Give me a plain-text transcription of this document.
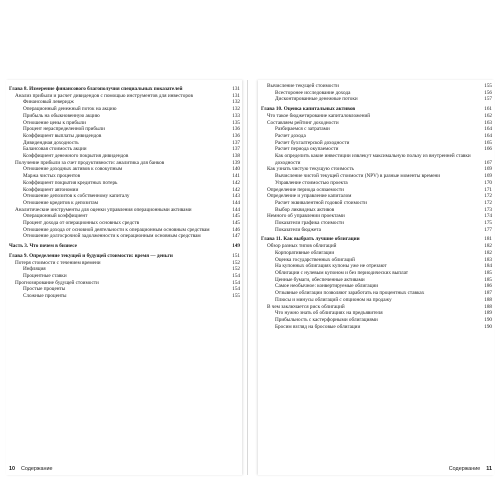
Глава 8. Измерение финансового благополучия специальных показателей	131
Анализ прибыли и расчет дивидендов с помощью инструментов для инвесторов	131
Финансовый леверидж	132
Операционный денежный поток на акцию	132
Прибыль на обыкновенную акцию	133
Отношение цены к прибыли	135
Процент нераспределенной прибыли	136
Коэффициент выплаты дивидендов	136
Дивидендная доходность	137
Балансовая стоимость акции	137
Коэффициент денежного покрытия дивидендов	138
Получение прибыли за счет продуктивности: аналитика для банков	139
Отношение доходных активов к совокупным	140
Маржа чистых процентов	141
Коэффициент покрытия кредитных потерь	142
Коэффициент автономии	142
Отношение депозитов к собственному капиталу	143
Отношение кредитов к депозитам	144
Аналитические инструменты для оценки управления операционными активами	144
Операционный коэффициент	145
Процент дохода от операционных основных средств	145
Отношение дохода от основной деятельности к операционным основным средствам	146
Отношение долгосрочной задолженности к операционным основным средствам	147
Часть 3. Что почем в бизнесе	149
Глава 9. Определение текущей и будущей стоимости: время — деньги	151
Потеря стоимости с течением времени	152
Инфляция	152
Процентные ставки	154
Прогнозирование будущей стоимости	154
Простые проценты	154
Сложные проценты	155
10 Содержание
Вычисление текущей стоимости	155
Всесторонее исследование дохода	156
Дисконтированные денежные потоки	157
Глава 10. Оценка капитальных активов	161
Что такое бюджетирование капиталовложений	162
Составляем рейтинг доходности	163
Разбираемся с затратами	164
Расчет дохода	164
Расчет бухгалтерской доходности	165
Расчет периода окупаемости	166
Как определить какие инвестиции извлекут максимальную пользу из внутренней ставки доходности	167
Как узнать чистую текущую стоимость	169
Вычисление чистой текущей стоимости (NPV) в разные моменты времени	169
Управление стоимостью проекта	170
Определение периода осязаемости	171
Определение и управление капиталом	172
Расчет эквивалентной годовой стоимости	172
Выбор ликвидных активов	173
Немного об управлении проектами	174
Показатели графика стоимости	175
Показатели бюджета	177
Глава 11. Как выбрать лучшие облигации	181
Обзор разных типов облигаций	182
Корпоративные облигации	182
Оценка государственных облигаций	183
На купонных облигациях купоны уже не отрезают	184
Облигации с нулевым купоном и без периодических выплат	185
Ценные бумаги, обеспеченные активами	185
Самое необычное: конвертируемые облигации	186
Отзывные облигации позволяют заработать на процентных ставках	187
Плюсы и минусы облигаций с опционом на продажу	188
В чем заключается риск облигаций	188
Что нужно знать об облигациях на предъявителя	189
Прибыльность с кастерфорными облигациями	190
Бросим взгляд на бросовые облигации	190
Содержание 11
